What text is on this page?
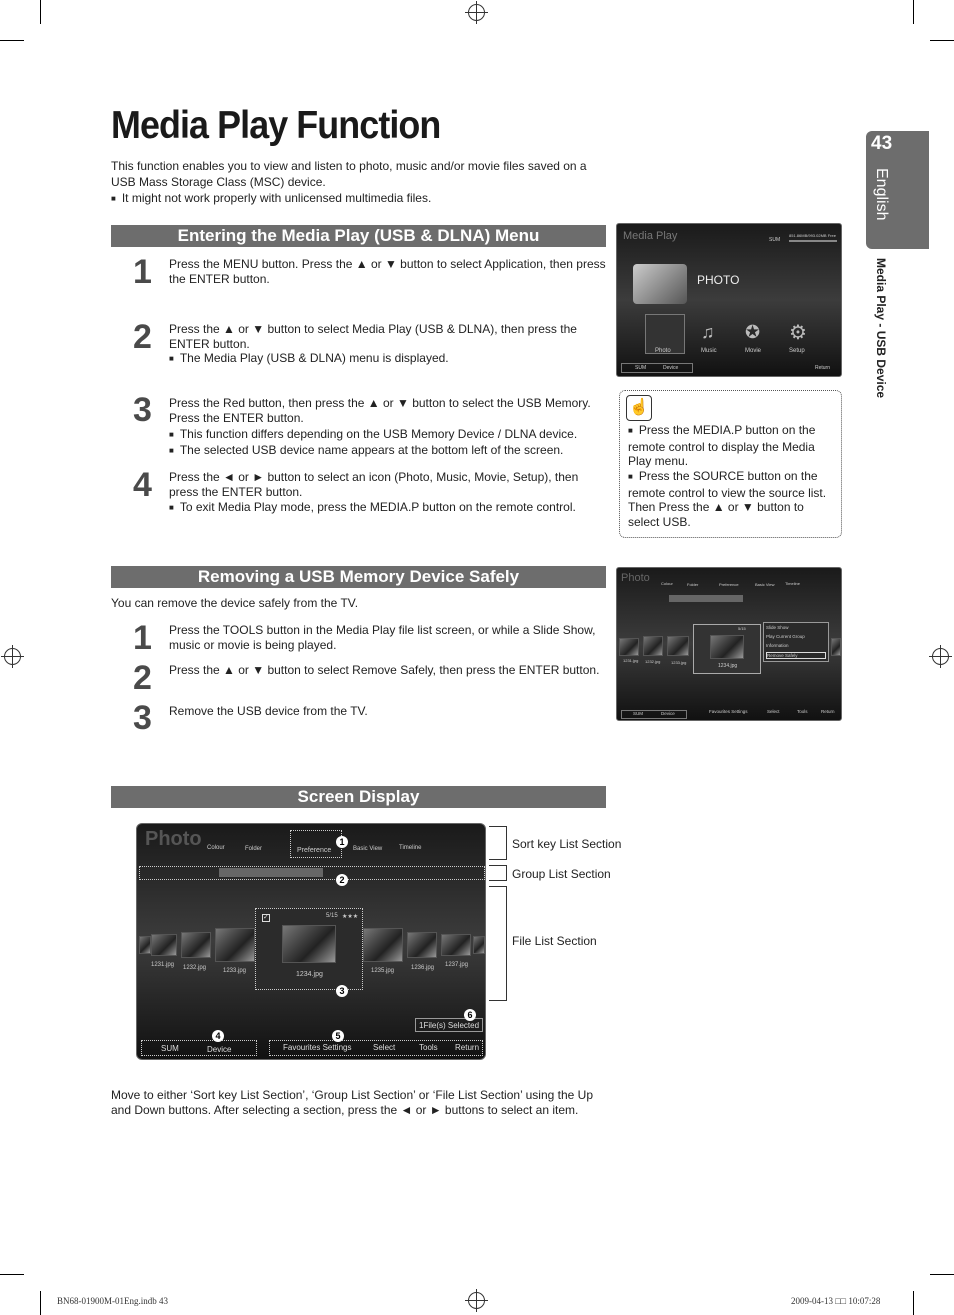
43
English
Media Play - USB Device
Media Play Function
This function enables you to view and listen to photo, music and/or movie files saved on a USB Mass Storage Class (MSC) device.
■ It might not work properly with unlicensed multimedia files.
Entering the Media Play (USB & DLNA) Menu
1 Press the MENU button. Press the ▲ or ▼ button to select Application, then press the ENTER button.
2 Press the ▲ or ▼ button to select Media Play (USB & DLNA), then press the ENTER button.
■ The Media Play (USB & DLNA) menu is displayed.
3 Press the Red button, then press the ▲ or ▼ button to select the USB Memory. Press the ENTER button.
■ This function differs depending on the USB Memory Device / DLNA device.
■ The selected USB device name appears at the bottom left of the screen.
4 Press the ◄ or ► button to select an icon (Photo, Music, Movie, Setup), then press the ENTER button.
■ To exit Media Play mode, press the MEDIA.P button on the remote control.
Media Play	SUM
851.86MB/993.02MB Free
PHOTO
Photo
♫
Music
✪
Movie
⚙
Setup
SUM	Device	Return
☝
■ Press the MEDIA.P button on the remote control to display the Media Play menu.
■ Press the SOURCE button on the remote control to view the source list. Then Press the ▲ or ▼ button to select USB.
Removing a USB Memory Device Safely
You can remove the device safely from the TV.
1 Press the TOOLS button in the Media Play file list screen, or while a Slide Show, music or movie is being played.
2 Press the ▲ or ▼ button to select Remove Safely, then press the ENTER button.
3 Remove the USB device from the TV.
Photo	Colour	Folder	Preference	Basic View	Timeline
1231.jpg 1232.jpg	1233.jpg
5/15
1234.jpg
Slide Show
Play Current Group
Information
Remove Safely
SUM	Device	Favourites Settings	Select	Tools	Return
Screen Display
Photo Colour	Folder	Preference	Basic View	Timeline
1231.jpg 1232.jpg	1233.jpg
✓	5/15 ★★★
1234.jpg	1235.jpg	1236.jpg 1237.jpg
1File(s) Selected
SUM	Device	Favourites Settings	Select	Tools Return
1
2
3
4	5
6
Sort key List Section
Group List Section
File List Section
Move to either ‘Sort key List Section’, ‘Group List Section’ or ‘File List Section’ using the Up and Down buttons. After selecting a section, press the ◄ or ► buttons to select an item.
BN68-01900M-01Eng.indb 43	2009-04-13 □□ 10:07:28
